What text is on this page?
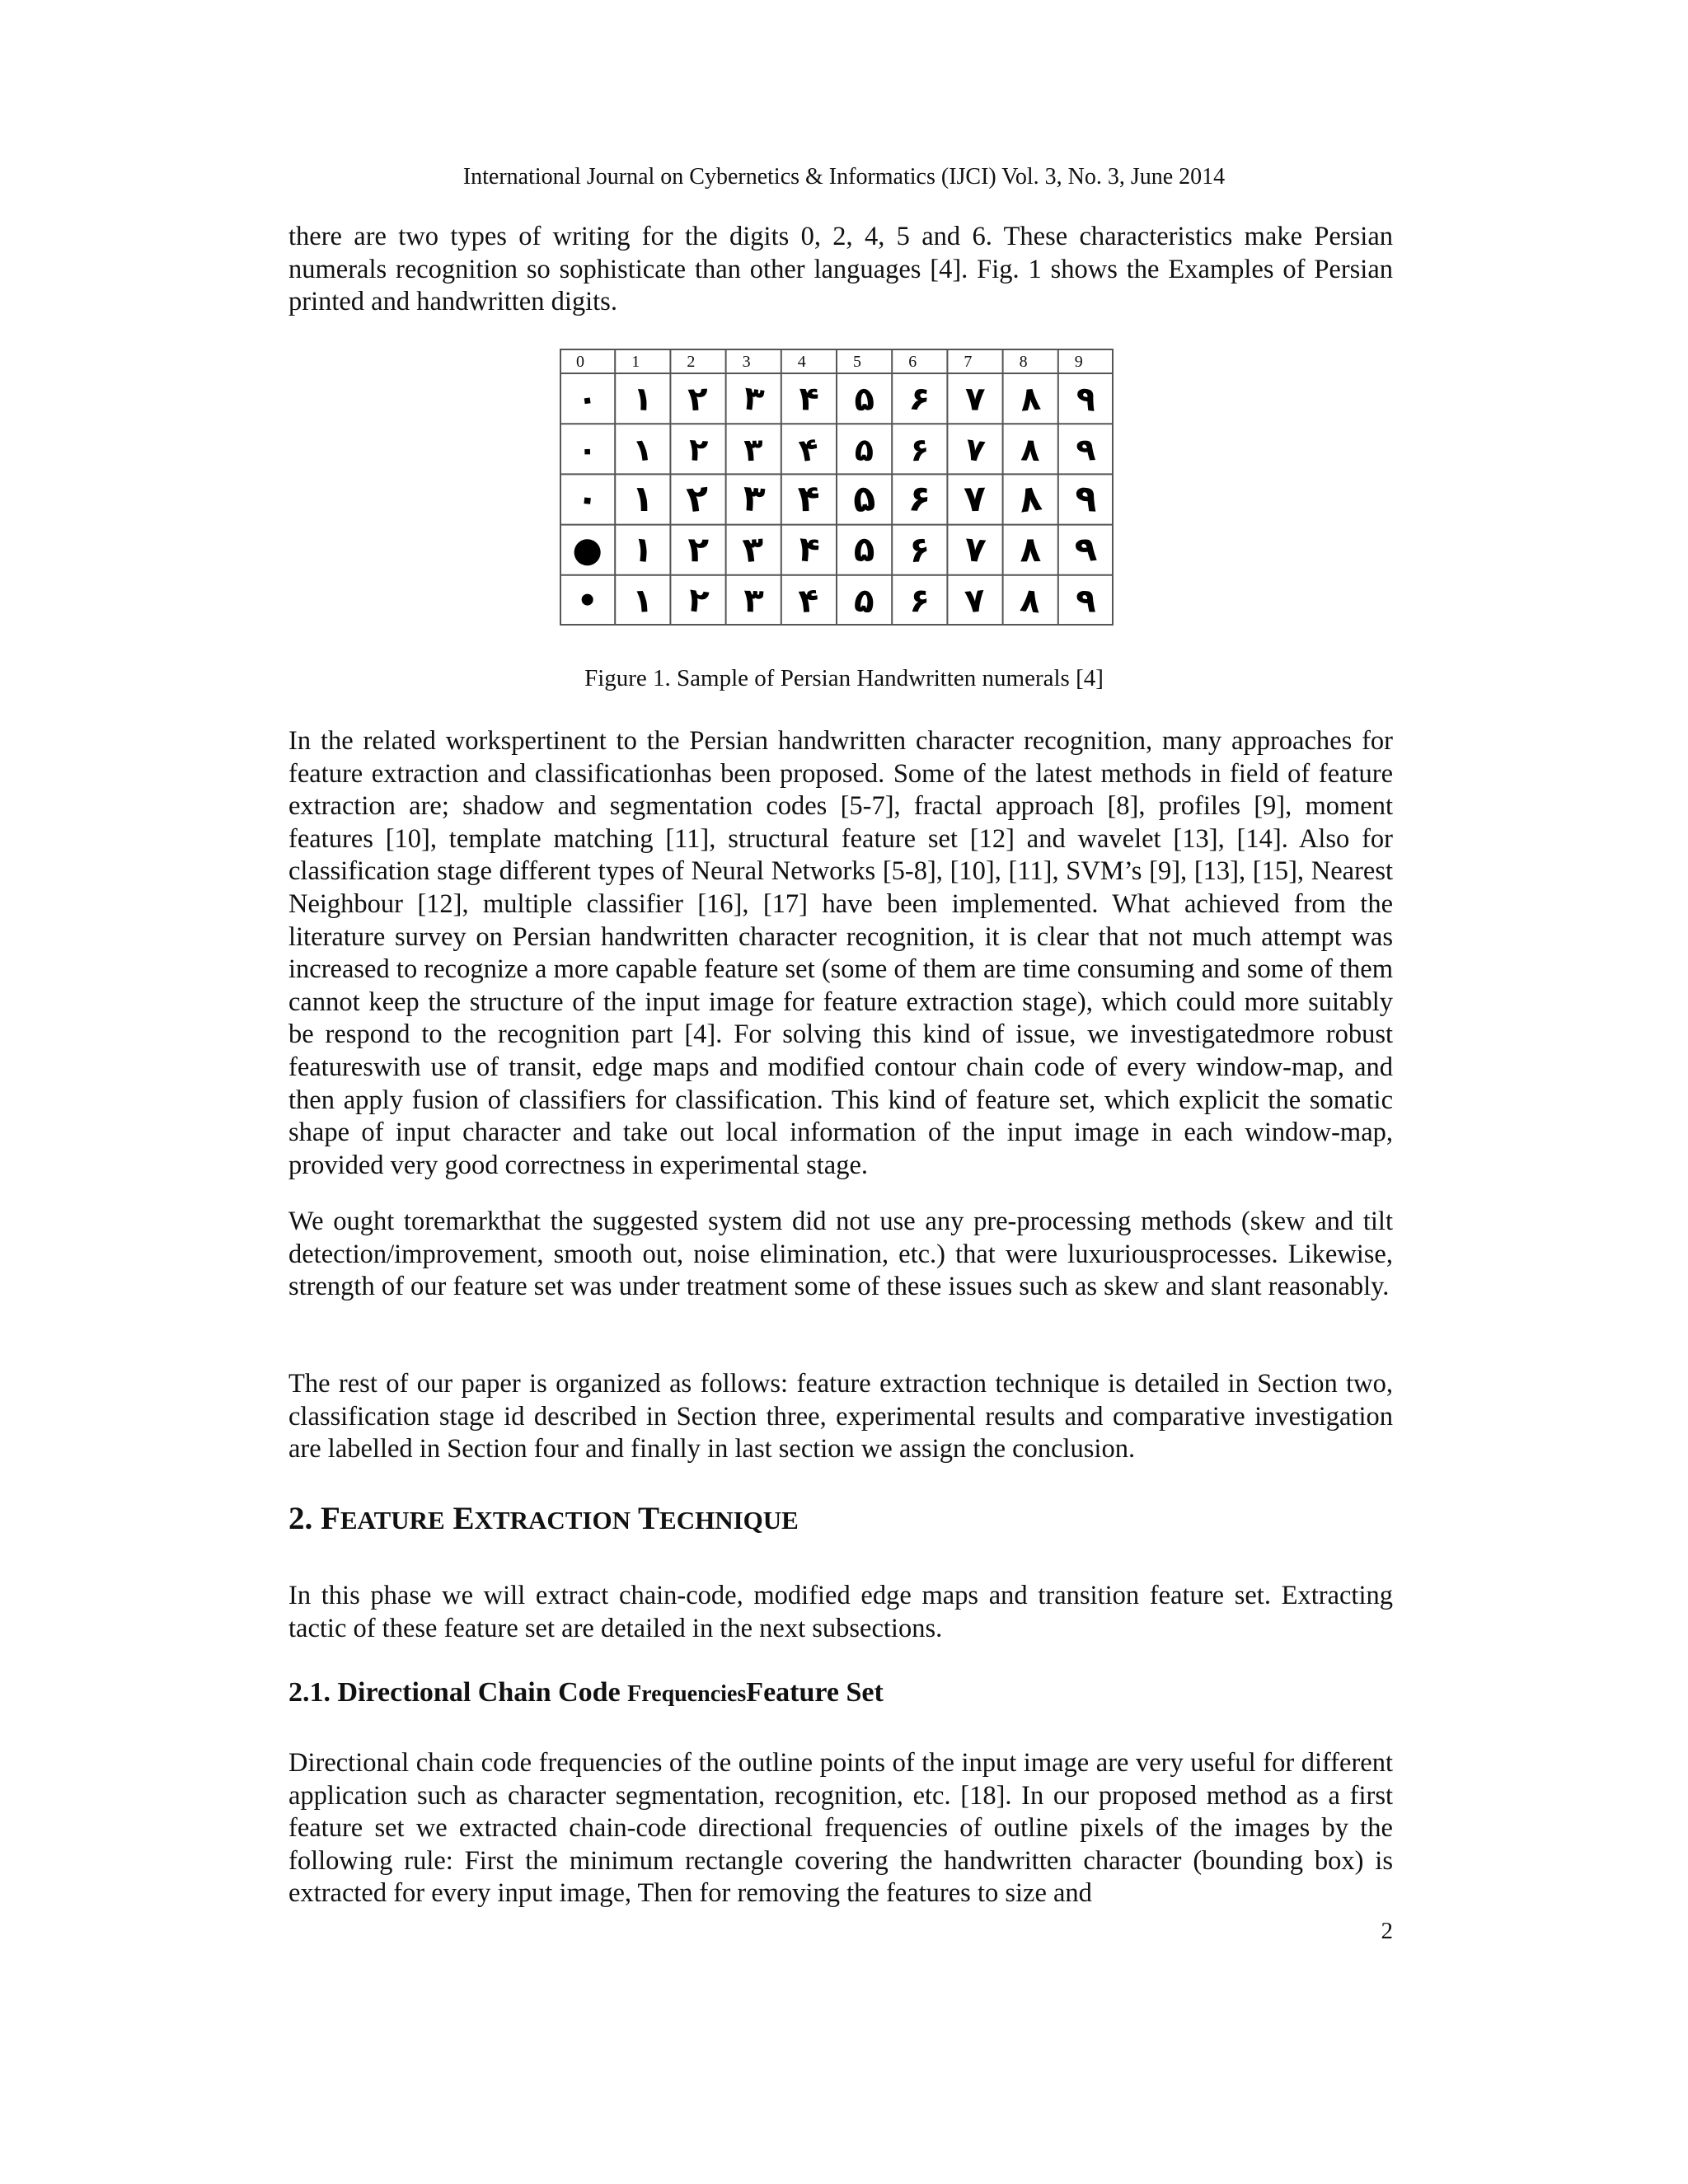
International Journal on Cybernetics & Informatics (IJCI) Vol. 3, No. 3, June 2014

there are two types of writing for the digits 0, 2, 4, 5 and 6. These characteristics make Persian numerals recognition so sophisticate than other languages [4]. Fig. 1 shows the Examples of Persian printed and handwritten digits.

0	1	2	3	4	5	6	7	8	9
۰ ۱ ۲ ۳ ۴ ۵ ۶ ۷ ۸ ۹
۰ ۱ ۲ ۳ ۴ ۵ ۶ ۷ ۸ ۹
۰ ۱ ۲ ۳ ۴ ۵ ۶ ۷ ۸ ۹
● ۱ ۲ ۳ ۴ ۵ ۶ ۷ ۸ ۹
• ۱ ۲ ۳ ۴ ۵ ۶ ۷ ۸ ۹
Figure 1. Sample of Persian Handwritten numerals [4]

In the related workspertinent to the Persian handwritten character recognition, many approaches for feature extraction and classificationhas been proposed. Some of the latest methods in field of feature extraction are; shadow and segmentation codes [5-7], fractal approach [8], profiles [9], moment features [10], template matching [11], structural feature set [12] and wavelet [13], [14]. Also for classification stage different types of Neural Networks [5-8], [10], [11], SVM’s [9], [13], [15], Nearest Neighbour [12], multiple classifier [16], [17] have been implemented. What achieved from the literature survey on Persian handwritten character recognition, it is clear that not much attempt was increased to recognize a more capable feature set (some of them are time consuming and some of them cannot keep the structure of the input image for feature extraction stage), which could more suitably be respond to the recognition part [4]. For solving this kind of issue, we investigatedmore robust featureswith use of transit, edge maps and modified contour chain code of every window-map, and then apply fusion of classifiers for classification. This kind of feature set, which explicit the somatic shape of input character and take out local information of the input image in each window-map, provided very good correctness in experimental stage.

We ought toremarkthat the suggested system did not use any pre-processing methods (skew and tilt detection/improvement, smooth out, noise elimination, etc.) that were luxuriousprocesses. Likewise, strength of our feature set was under treatment some of these issues such as skew and slant reasonably.

The rest of our paper is organized as follows: feature extraction technique is detailed in Section two, classification stage id described in Section three, experimental results and comparative investigation are labelled in Section four and finally in last section we assign the conclusion.

2. FEATURE EXTRACTION TECHNIQUE

In this phase we will extract chain-code, modified edge maps and transition feature set. Extracting tactic of these feature set are detailed in the next subsections.

2.1. Directional Chain Code FrequenciesFeature Set

Directional chain code frequencies of the outline points of the input image are very useful for different application such as character segmentation, recognition, etc. [18]. In our proposed method as a first feature set we extracted chain-code directional frequencies of outline pixels of the images by the following rule: First the minimum rectangle covering the handwritten character (bounding box) is extracted for every input image, Then for removing the features to size and

2
